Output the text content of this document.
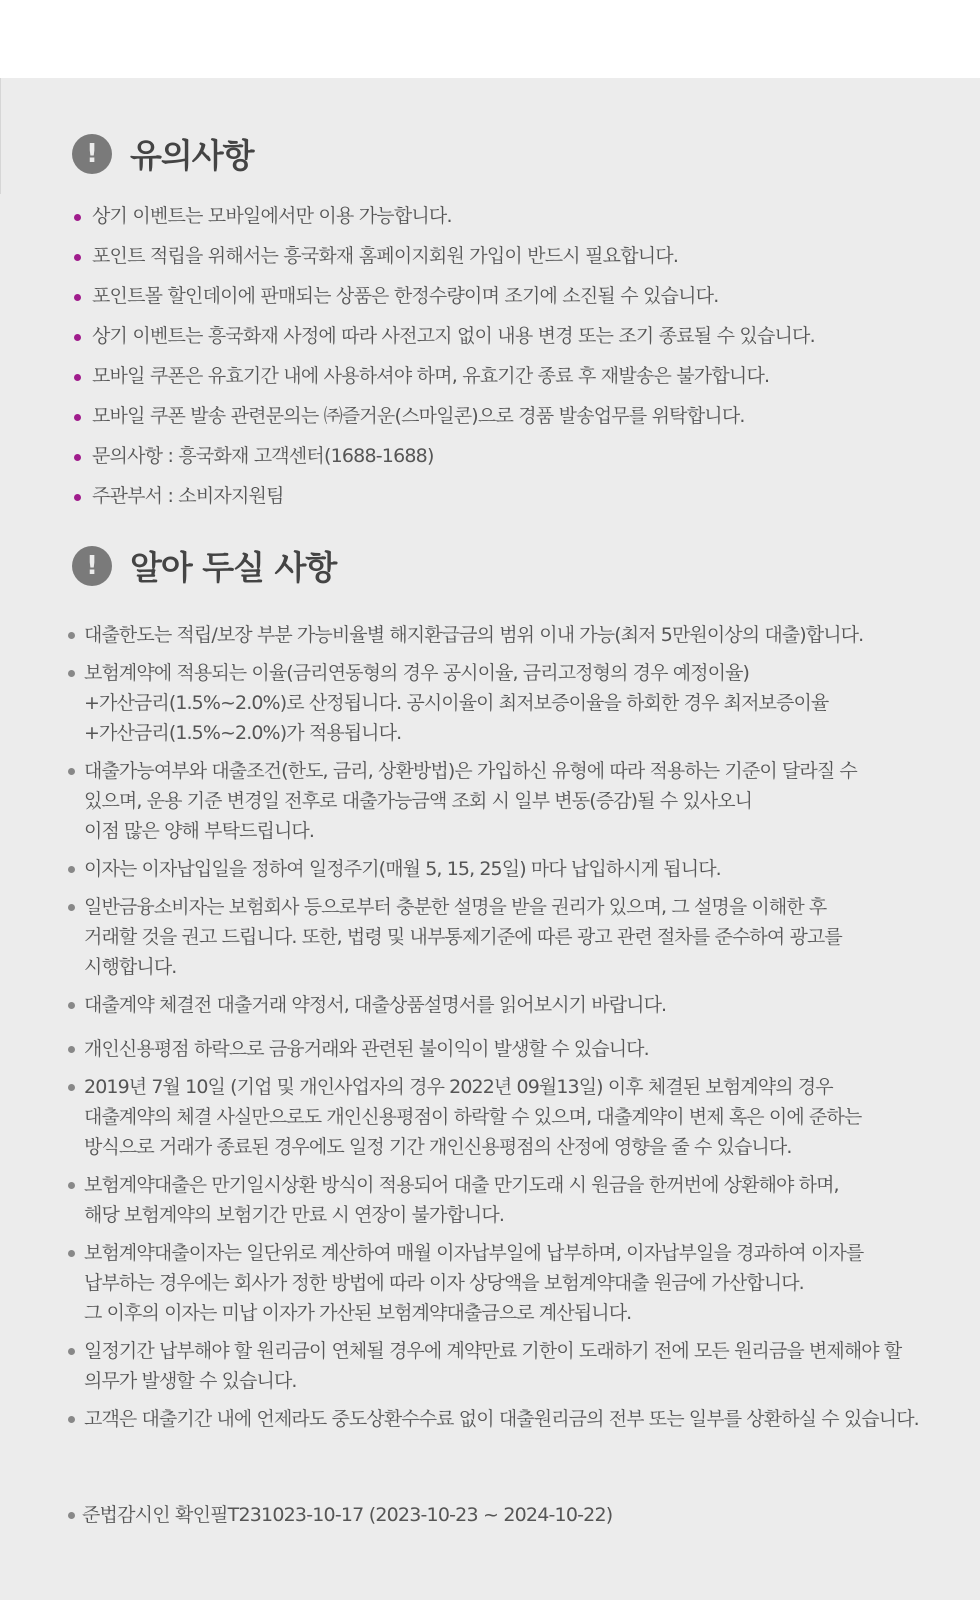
! 유의사항
상기 이벤트는 모바일에서만 이용 가능합니다.
포인트 적립을 위해서는 흥국화재 홈페이지회원 가입이 반드시 필요합니다.
포인트몰 할인데이에 판매되는 상품은 한정수량이며 조기에 소진될 수 있습니다.
상기 이벤트는 흥국화재 사정에 따라 사전고지 없이 내용 변경 또는 조기 종료될 수 있습니다.
모바일 쿠폰은 유효기간 내에 사용하셔야 하며, 유효기간 종료 후 재발송은 불가합니다.
모바일 쿠폰 발송 관련문의는 ㈜즐거운(스마일콘)으로 경품 발송업무를 위탁합니다.
문의사항 : 흥국화재 고객센터(1688-1688)
주관부서 : 소비자지원팀
! 알아 두실 사항
대출한도는 적립/보장 부분 가능비율별 해지환급금의 범위 이내 가능(최저 5만원이상의 대출)합니다.
보험계약에 적용되는 이율(금리연동형의 경우 공시이율, 금리고정형의 경우 예정이율)
+가산금리(1.5%~2.0%)로 산정됩니다. 공시이율이 최저보증이율을 하회한 경우 최저보증이율
+가산금리(1.5%~2.0%)가 적용됩니다.
대출가능여부와 대출조건(한도, 금리, 상환방법)은 가입하신 유형에 따라 적용하는 기준이 달라질 수
있으며, 운용 기준 변경일 전후로 대출가능금액 조회 시 일부 변동(증감)될 수 있사오니
이점 많은 양해 부탁드립니다.
이자는 이자납입일을 정하여 일정주기(매월 5, 15, 25일) 마다 납입하시게 됩니다.
일반금융소비자는 보험회사 등으로부터 충분한 설명을 받을 권리가 있으며, 그 설명을 이해한 후
거래할 것을 권고 드립니다. 또한, 법령 및 내부통제기준에 따른 광고 관련 절차를 준수하여 광고를
시행합니다.
대출계약 체결전 대출거래 약정서, 대출상품설명서를 읽어보시기 바랍니다.
개인신용평점 하락으로 금융거래와 관련된 불이익이 발생할 수 있습니다.
2019년 7월 10일 (기업 및 개인사업자의 경우 2022년 09월13일) 이후 체결된 보험계약의 경우
대출계약의 체결 사실만으로도 개인신용평점이 하락할 수 있으며, 대출계약이 변제 혹은 이에 준하는
방식으로 거래가 종료된 경우에도 일정 기간 개인신용평점의 산정에 영향을 줄 수 있습니다.
보험계약대출은 만기일시상환 방식이 적용되어 대출 만기도래 시 원금을 한꺼번에 상환해야 하며,
해당 보험계약의 보험기간 만료 시 연장이 불가합니다.
보험계약대출이자는 일단위로 계산하여 매월 이자납부일에 납부하며, 이자납부일을 경과하여 이자를
납부하는 경우에는 회사가 정한 방법에 따라 이자 상당액을 보험계약대출 원금에 가산합니다.
그 이후의 이자는 미납 이자가 가산된 보험계약대출금으로 계산됩니다.
일정기간 납부해야 할 원리금이 연체될 경우에 계약만료 기한이 도래하기 전에 모든 원리금을 변제해야 할
의무가 발생할 수 있습니다.
고객은 대출기간 내에 언제라도 중도상환수수료 없이 대출원리금의 전부 또는 일부를 상환하실 수 있습니다.
준법감시인 확인필T231023-10-17 (2023-10-23 ~ 2024-10-22)
